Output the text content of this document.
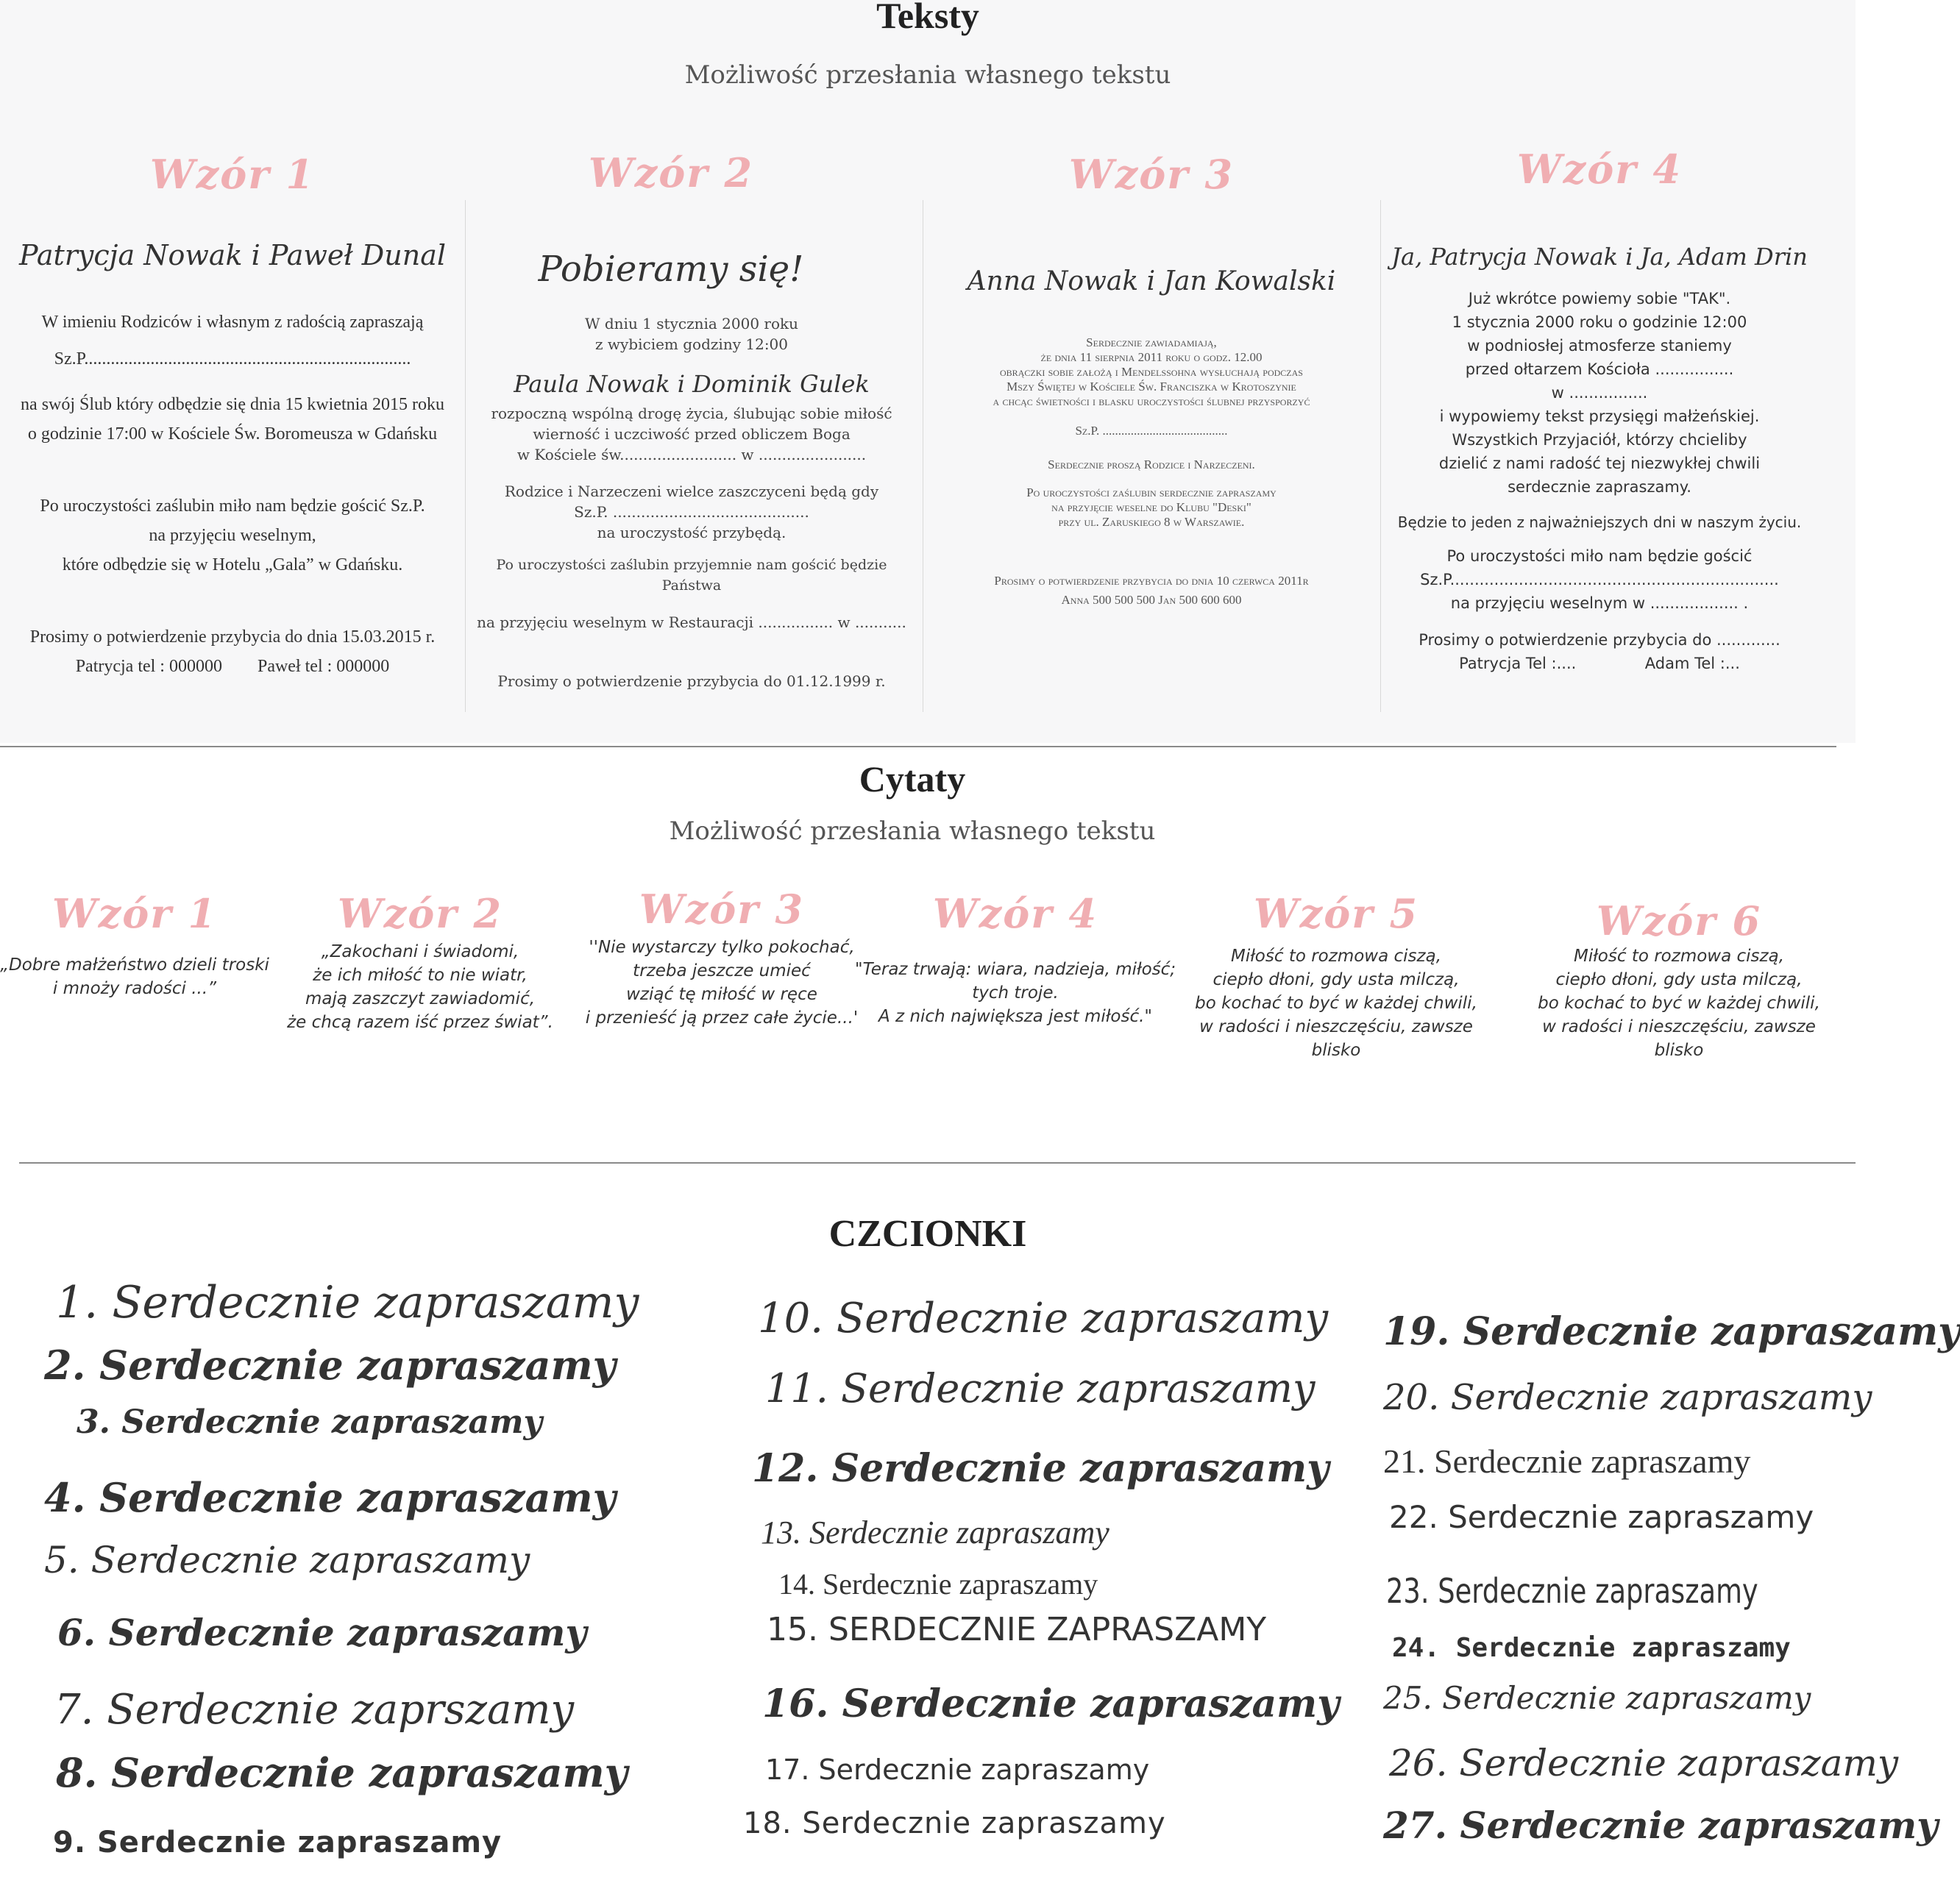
Teksty
Możliwość przesłania własnego tekstu
Wzór 1
Patrycja Nowak i Paweł Dunal
W imieniu Rodziców i własnym z radością zapraszają
Sz.P..........................................................................
na swój Ślub który odbędzie się dnia 15 kwietnia 2015 roku
o godzinie 17:00 w Kościele Św. Boromeusza w Gdańsku
Po uroczystości zaślubin miło nam będzie gościć Sz.P.
na przyjęciu weselnym,
które odbędzie się w Hotelu „Gala” w Gdańsku.
Prosimy o potwierdzenie przybycia do dnia 15.03.2015 r.
Patrycja tel : 000000        Paweł tel : 000000
Wzór 2
Pobieramy się!
W dniu 1 stycznia 2000 roku
z wybiciem godziny 12:00
Paula Nowak i Dominik Gulek
rozpoczną wspólną drogę życia, ślubując sobie miłość
wierność i uczciwość przed obliczem Boga
w Kościele św......................... w .......................
Rodzice i Narzeczeni wielce zaszczyceni będą gdy
Sz.P. ..........................................
na uroczystość przybędą.
Po uroczystości zaślubin przyjemnie nam gościć będzie Państwa
na przyjęciu weselnym w Restauracji ................ w ...........
Prosimy o potwierdzenie przybycia do 01.12.1999 r.
Wzór 3
Anna Nowak i Jan Kowalski
Serdecznie zawiadamiają,
że dnia 11 sierpnia 2011 roku o godz. 12.00
obrączki sobie założą i Mendelssohna wysłuchają podczas
Mszy Świętej w Kościele Św. Franciszka w Krotoszynie
a chcąc świetności i blasku uroczystości ślubnej przysporzyć
Sz.P. ........................................
Serdecznie proszą Rodzice i Narzeczeni.
Po uroczystości zaślubin serdecznie zapraszamy
na przyjęcie weselne do Klubu "Deski"
przy ul. Zaruskiego 8 w Warszawie.
Prosimy o potwierdzenie przybycia do dnia 10 czerwca 2011r
Anna 500 500 500 Jan 500 600 600
Wzór 4
Ja, Patrycja Nowak i Ja, Adam Drin
Już wkrótce powiemy sobie "TAK".
1 stycznia 2000 roku o godzinie 12:00
w podniosłej atmosferze staniemy
przed ołtarzem Kościoła ................
w ................
i wypowiemy tekst przysięgi małżeńskiej.
Wszystkich Przyjaciół, którzy chcieliby
dzielić z nami radość tej niezwykłej chwili
serdecznie zapraszamy.
Będzie to jeden z najważniejszych dni w naszym życiu.
Po uroczystości miło nam będzie gościć
Sz.P...................................................................
na przyjęciu weselnym w .................. .
Prosimy o potwierdzenie przybycia do .............
Patrycja Tel :....              Adam Tel :...
Cytaty
Możliwość przesłania własnego tekstu
Wzór 1
„Dobre małżeństwo dzieli troski
i mnoży radości ...”
Wzór 2
„Zakochani i świadomi,
że ich miłość to nie wiatr,
mają zaszczyt zawiadomić,
że chcą razem iść przez świat”.
Wzór 3
''Nie wystarczy tylko pokochać,
trzeba jeszcze umieć
wziąć tę miłość w ręce
i przenieść ją przez całe życie...'
Wzór 4
"Teraz trwają: wiara, nadzieja, miłość;
tych troje.
A z nich największa jest miłość."
Wzór 5
Miłość to rozmowa ciszą,
ciepło dłoni, gdy usta milczą,
bo kochać to być w każdej chwili,
w radości i nieszczęściu, zawsze blisko
Wzór 6
Miłość to rozmowa ciszą,
ciepło dłoni, gdy usta milczą,
bo kochać to być w każdej chwili,
w radości i nieszczęściu, zawsze blisko
CZCIONKI
1. Serdecznie zapraszamy
2. Serdecznie zapraszamy
3. Serdecznie zapraszamy
4. Serdecznie zapraszamy
5. Serdecznie zapraszamy
6. Serdecznie zapraszamy
7. Serdecznie zaprszamy
8. Serdecznie zapraszamy
9. Serdecznie zapraszamy
10. Serdecznie zapraszamy
11. Serdecznie zapraszamy
12. Serdecznie zapraszamy
13. Serdecznie zapraszamy
14. Serdecznie zapraszamy
15. SERDECZNIE ZAPRASZAMY
16. Serdecznie zapraszamy
17. Serdecznie zapraszamy
18. Serdecznie zapraszamy
19. Serdecznie zapraszamy
20. Serdecznie zapraszamy
21. Serdecznie zapraszamy
22. Serdecznie zapraszamy
23. Serdecznie zapraszamy
24. Serdecznie zapraszamy
25. Serdecznie zapraszamy
26. Serdecznie zapraszamy
27. Serdecznie zapraszamy
